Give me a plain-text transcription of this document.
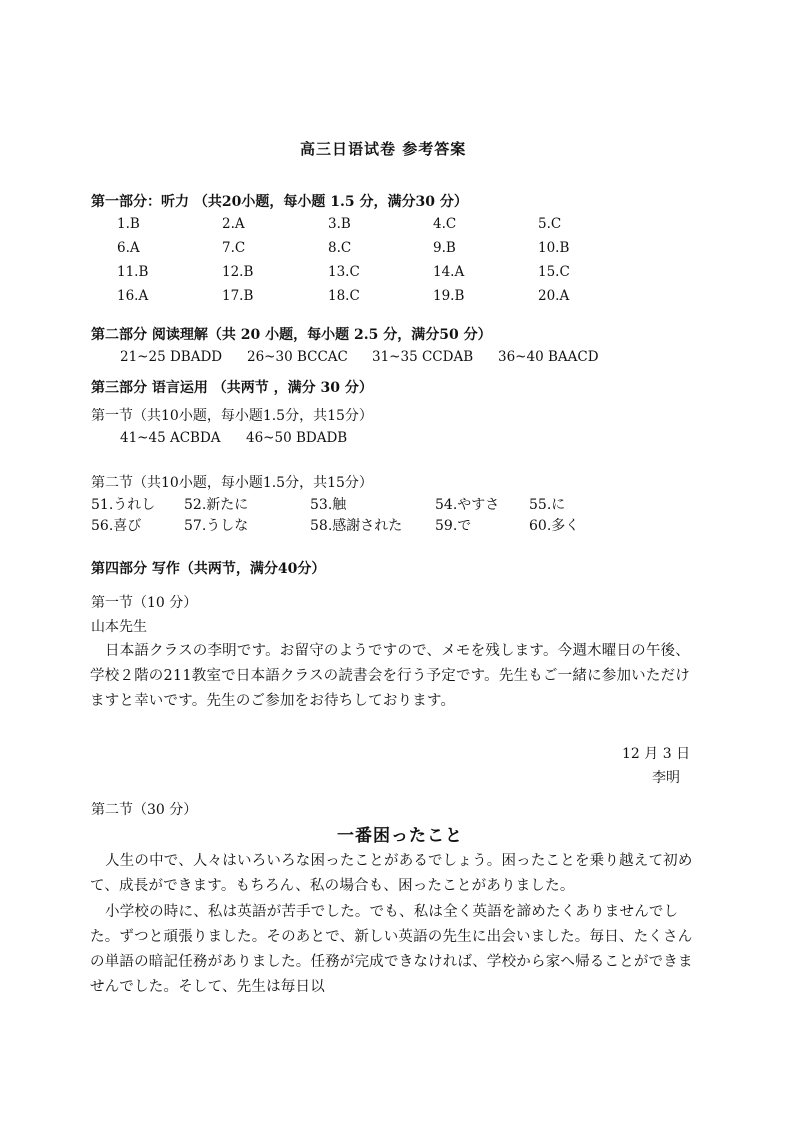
高三日语试卷 参考答案
第一部分：听力 （共20小题，每小题 1.5 分，满分30 分）
1.B	2.A	3.B	4.C	5.C
6.A	7.C	8.C	9.B	10.B
11.B	12.B	13.C	14.A	15.C
16.A	17.B	18.C	19.B	20.A
第二部分 阅读理解（共 20 小题，每小题 2.5 分，满分50 分）
21~25 DBADD 26~30 BCCAC 31~35 CCDAB 36~40 BAACD
第三部分 语言运用 （共两节 ，满分 30 分）
第一节（共10小题，每小题1.5分，共15分）
41~45 ACBDA 46~50 BDADB
第二节（共10小题，每小题1.5分，共15分）
51.うれし 52.新たに	53.触	54.やすさ 55.に
56.喜び	57.うしな	58.感謝された 59.で	60.多く
第四部分 写作（共两节，满分40分）
第一节（10 分）
山本先生
日本語クラスの李明です。お留守のようですので、メモを残します。今週木曜日の午後、学校２階の211教室で日本語クラスの読書会を行う予定です。先生もご一緒に参加いただけますと幸いです。先生のご参加をお待ちしております。
12 月 3 日
李明
第二节（30 分）
一番困ったこと
人生の中で、人々はいろいろな困ったことがあるでしょう。困ったことを乗り越えて初めて、成長ができます。もちろん、私の場合も、困ったことがありました。
小学校の時に、私は英語が苦手でした。でも、私は全く英語を諦めたくありませんでした。ずつと頑張りました。そのあとで、新しい英語の先生に出会いました。毎日、たくさんの単語の暗記任務がありました。任務が完成できなければ、学校から家へ帰ることができませんでした。そして、先生は毎日以
